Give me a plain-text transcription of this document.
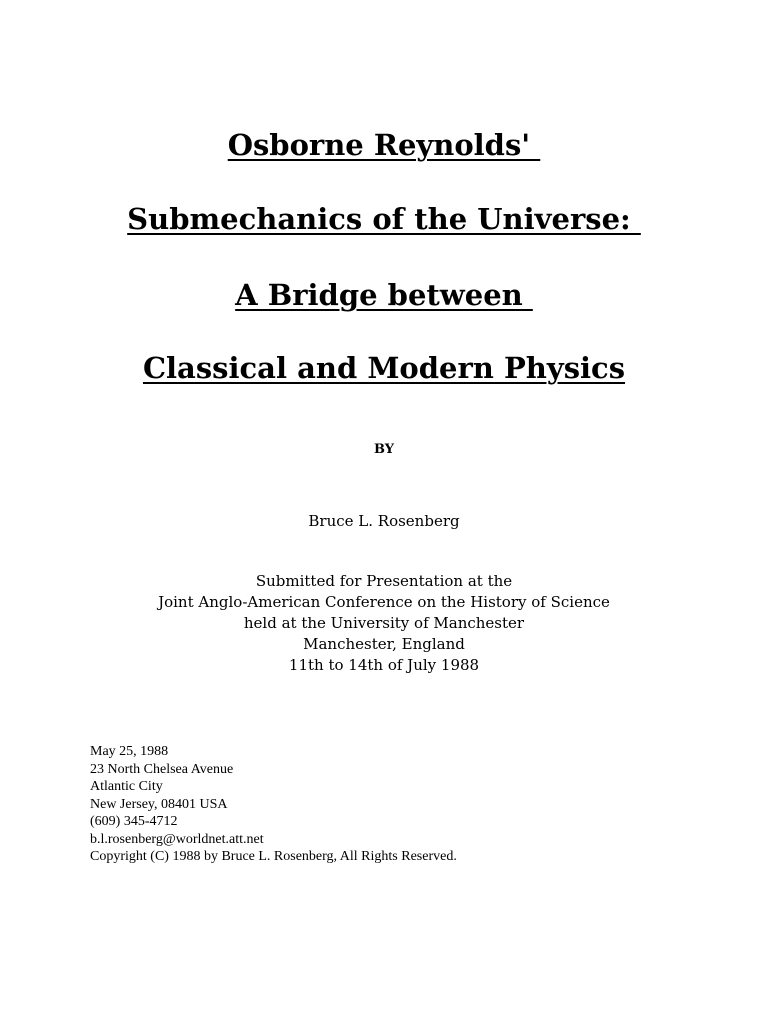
Osborne Reynolds'
Submechanics of the Universe:
A Bridge between
Classical and Modern Physics
BY
Bruce L. Rosenberg
Submitted for Presentation at the
Joint Anglo-American Conference on the History of Science
held at the University of Manchester
Manchester, England
11th to 14th of July 1988
May 25, 1988
23 North Chelsea Avenue
Atlantic City
New Jersey, 08401 USA
(609) 345-4712
b.l.rosenberg@worldnet.att.net
Copyright (C) 1988 by Bruce L. Rosenberg, All Rights Reserved.
